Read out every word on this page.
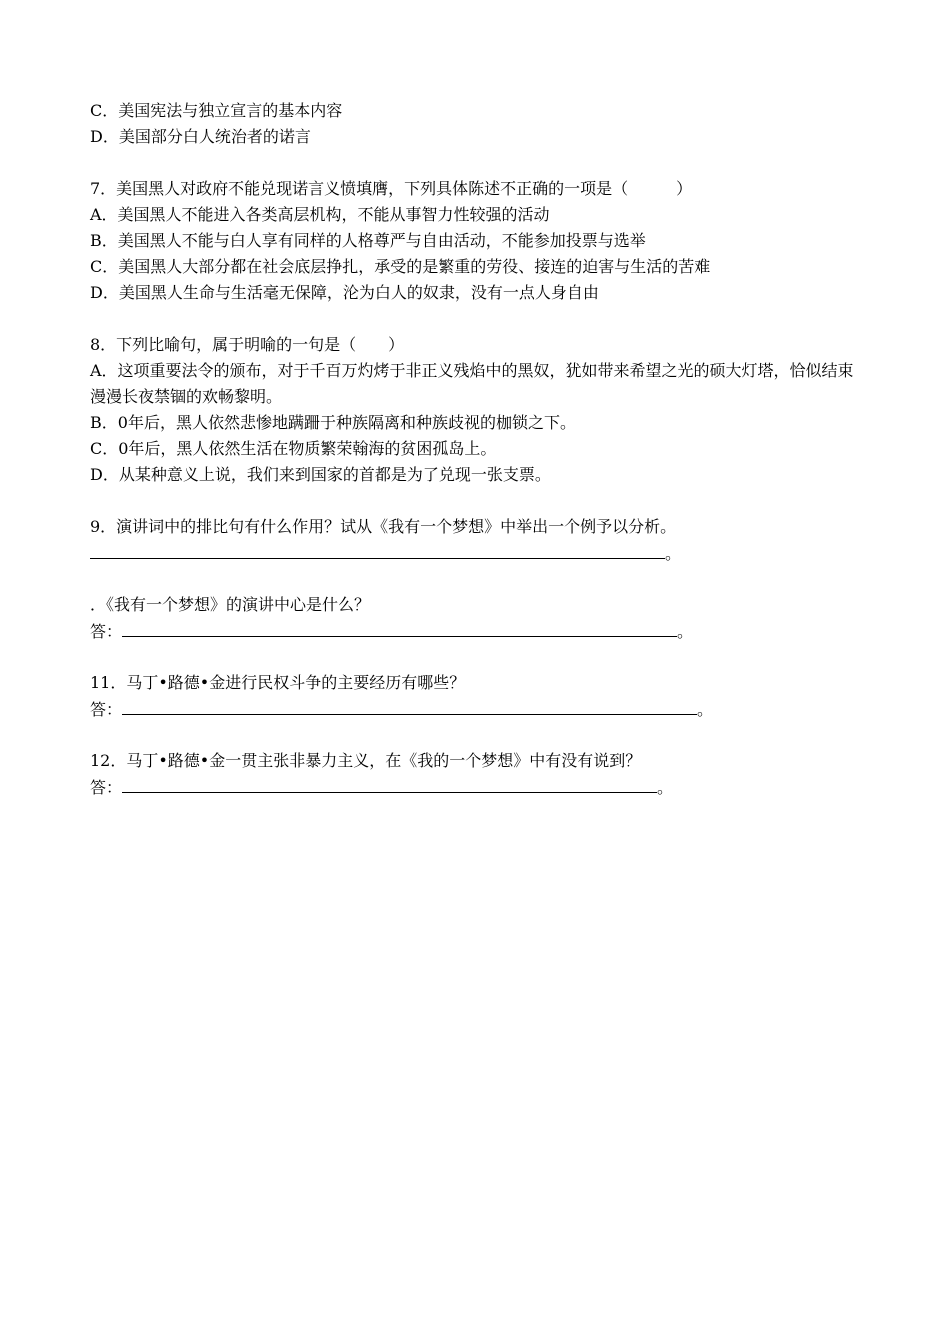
C．美国宪法与独立宣言的基本内容
D．美国部分白人统治者的诺言
7．美国黑人对政府不能兑现诺言义愤填膺，下列具体陈述不正确的一项是（　　　）
A．美国黑人不能进入各类高层机构，不能从事智力性较强的活动
B．美国黑人不能与白人享有同样的人格尊严与自由活动，不能参加投票与选举
C．美国黑人大部分都在社会底层挣扎，承受的是繁重的劳役、接连的迫害与生活的苦难
D．美国黑人生命与生活毫无保障，沦为白人的奴隶，没有一点人身自由
8．下列比喻句，属于明喻的一句是（　　）
A．这项重要法令的颁布，对于千百万灼烤于非正义残焰中的黑奴，犹如带来希望之光的硕大灯塔，恰似结束漫漫长夜禁锢的欢畅黎明。
B．0年后，黑人依然悲惨地蹒跚于种族隔离和种族歧视的枷锁之下。
C．0年后，黑人依然生活在物质繁荣翰海的贫困孤岛上。
D．从某种意义上说，我们来到国家的首都是为了兑现一张支票。
9．演讲词中的排比句有什么作用？试从《我有一个梦想》中举出一个例予以分析。
。
．《我有一个梦想》的演讲中心是什么？
答：	。
11．马丁•路德•金进行民权斗争的主要经历有哪些？
答：	。
12．马丁•路德•金一贯主张非暴力主义，在《我的一个梦想》中有没有说到？
答：	。
